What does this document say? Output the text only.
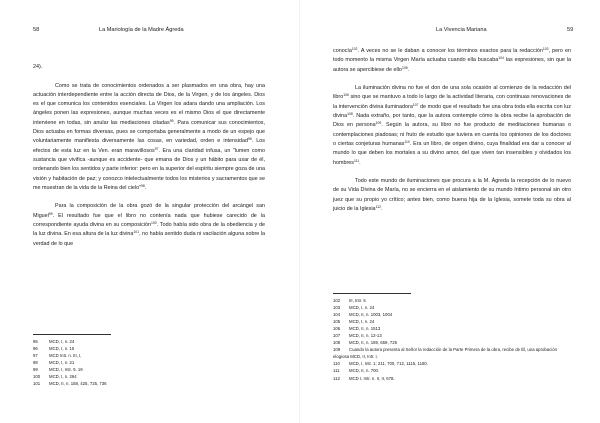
58	La Mariología de la Madre Ágreda

24).

Como se trata de conocimientos ordenados a ser plasmados en una obra, hay una actuación interdependiente entre la acción directa de Dios, de la Virgen, y de los ángeles. Dios es el que comunica los contenidos esenciales. La Virgen los adara dando una ampliación. Los ángeles ponen las expresiones, aunque muchas veces es el mismo Dios el que directamente interviene en todas, sin anular las mediaciones citadas$^{95}$. Para comunicar sus conocimientos, Dios actuaba en formas diversas, pues se comportaba generalmente a modo de un espejo que voluntariamente manifiesta diversamente las cosas, en variedad, orden e intensidad$^{96}$. Los efectos de esta luz en la Ven. eran maravillosos$^{97}$. Era una claridad infusa, un "lumen como sustancia que vivifica -aunque es accidente- que emana de Dios y un hábito para usar de él, ordenando bien los sentidos y parte inferior: pero en la superior del espíritu siempre goza de una visión y habitación de paz; y conozco intelectualmente todos los misterios y sacramentos que se me muestran de la vida de la Reina del cielo"$^{98}$.

Para la composición de la obra gozó de la singular protección del arcángel san Miguel$^{99}$. El resultado fue que el libro no contenía nada que hubiese carecido de la correspondiente ayuda divina en su composición$^{100}$. Todo había sido obra de la obediencia y de la luz divina. En esa altura de la luz divina$^{101}$, no había sentido duda ni vacilación alguna sobre la verdad de lo que

95	MCD, I, n. 24
96	MCD, I, n. 15
97	MCD Intr. n. III, I,
98	MCD, I, n. 21
99	MCD, I, Intr. 9. 19
100 MCD, I, n. 264
101 MCD, II, n. 158, 425, 725, 736
La Vivencia Mariana	59

conocía$^{102}$. A veces no se le daban a conocer los términos exactos para la redacción$^{103}$, pero en todo momento la misma Virgen María actuaba cuando ella buscaba$^{104}$ las expresiones, sin que la autora se apercibiese de ello$^{105}$.

La iluminación divina no fue el don de una sola ocasión al comienzo de la redacción del libro$^{106}$ sino que se mantuvo a todo lo largo de la actividad literaria, con continuas renovaciones de la intervención divina iluminadora$^{107}$ de modo que el resultado fue una obra toda ella escrita con luz divina$^{108}$. Nada extraño, por tanto, que la autora contemple cómo la obra recibe la aprobación de Dios en persona$^{109}$. Según la autora, su libro no fue producto de meditaciones humanas o contemplaciones piadosas; ni fruto de estudio que tuviera en cuenta los opiniones de los doctores o ciertas conjeturas humanas$^{110}$. Era un libro, de origen divino, cuya finalidad era dar a conocer al mundo lo que deben los mortales a su divino amor, del que viven tan insensibles y olvidados los hombres$^{111}$.

Todo este mundo de iluminaciones que procura a la M. Ágreda la recepción de lo nuevo de su Vida Divina de María, no se encierra en el aislamiento de su mundo íntimo personal sin otro juez que su propio yo crítico; antes bien, como buena hija de la Iglesia, somete toda su obra al juicio de la Iglesia$^{112}$.

102 III, Intr. 5
103 MCD, I, n. 24
104 MCD, II, n. 1003, 1004
105 MCD, I, n. 24
106 MCD, II, n. 1513
107 MCD, II, n. 12-13
108 MCD, II, n. 189, 659, 725
109 Cuando la autora presenta al Señor la redacción de la Parte Primera de la obra, recibe de Él, una aprobación elogiosa MCD, II, Intr. I.
110 MCD, I, Intr. 1; 211, 700, 712, 1115, 1180.
111 MCD, II, n. 700.
112 MCD I, Intr. n. II, II, 678.
